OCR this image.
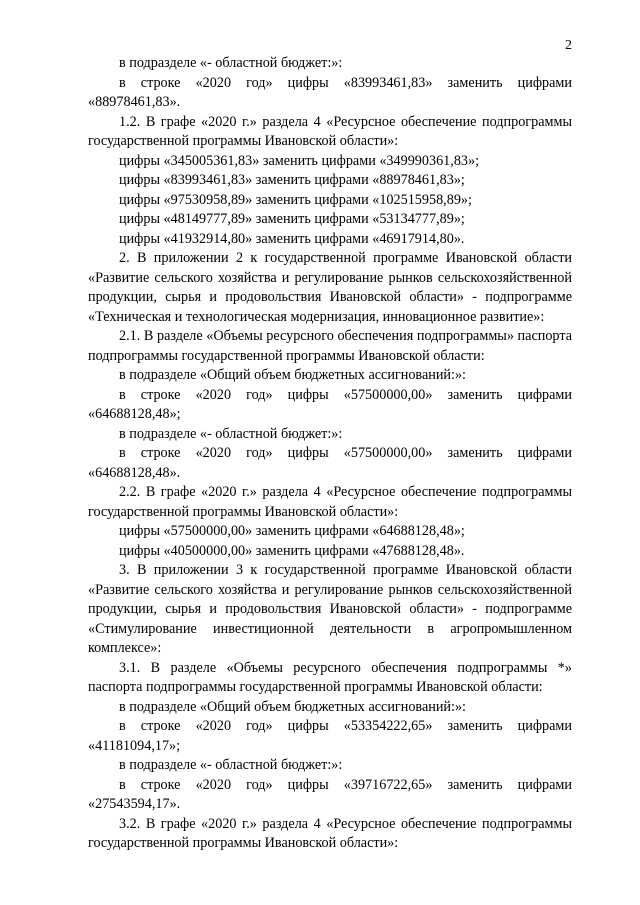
2

в подразделе «- областной бюджет:»:

в строке «2020 год» цифры «83993461,83» заменить цифрами «88978461,83».

1.2. В графе «2020 г.» раздела 4 «Ресурсное обеспечение подпрограммы государственной программы Ивановской области»:

цифры «345005361,83» заменить цифрами «349990361,83»;

цифры «83993461,83» заменить цифрами «88978461,83»;

цифры «97530958,89» заменить цифрами «102515958,89»;

цифры «48149777,89» заменить цифрами «53134777,89»;

цифры «41932914,80» заменить цифрами «46917914,80».

2. В приложении 2 к государственной программе Ивановской области «Развитие сельского хозяйства и регулирование рынков сельскохозяйственной продукции, сырья и продовольствия Ивановской области» - подпрограмме «Техническая и технологическая модернизация, инновационное развитие»:

2.1. В разделе «Объемы ресурсного обеспечения подпрограммы» паспорта подпрограммы государственной программы Ивановской области:

в подразделе «Общий объем бюджетных ассигнований:»:

в строке «2020 год» цифры «57500000,00» заменить цифрами «64688128,48»;

в подразделе «- областной бюджет:»:

в строке «2020 год» цифры «57500000,00» заменить цифрами «64688128,48».

2.2. В графе «2020 г.» раздела 4 «Ресурсное обеспечение подпрограммы государственной программы Ивановской области»:

цифры «57500000,00» заменить цифрами «64688128,48»;

цифры «40500000,00» заменить цифрами «47688128,48».

3. В приложении 3 к государственной программе Ивановской области «Развитие сельского хозяйства и регулирование рынков сельскохозяйственной продукции, сырья и продовольствия Ивановской области» - подпрограмме «Стимулирование инвестиционной деятельности в агропромышленном комплексе»:

3.1. В разделе «Объемы ресурсного обеспечения подпрограммы *» паспорта подпрограммы государственной программы Ивановской области:

в подразделе «Общий объем бюджетных ассигнований:»:

в строке «2020 год» цифры «53354222,65» заменить цифрами «41181094,17»;

в подразделе «- областной бюджет:»:

в строке «2020 год» цифры «39716722,65» заменить цифрами «27543594,17».

3.2. В графе «2020 г.» раздела 4 «Ресурсное обеспечение подпрограммы государственной программы Ивановской области»:
